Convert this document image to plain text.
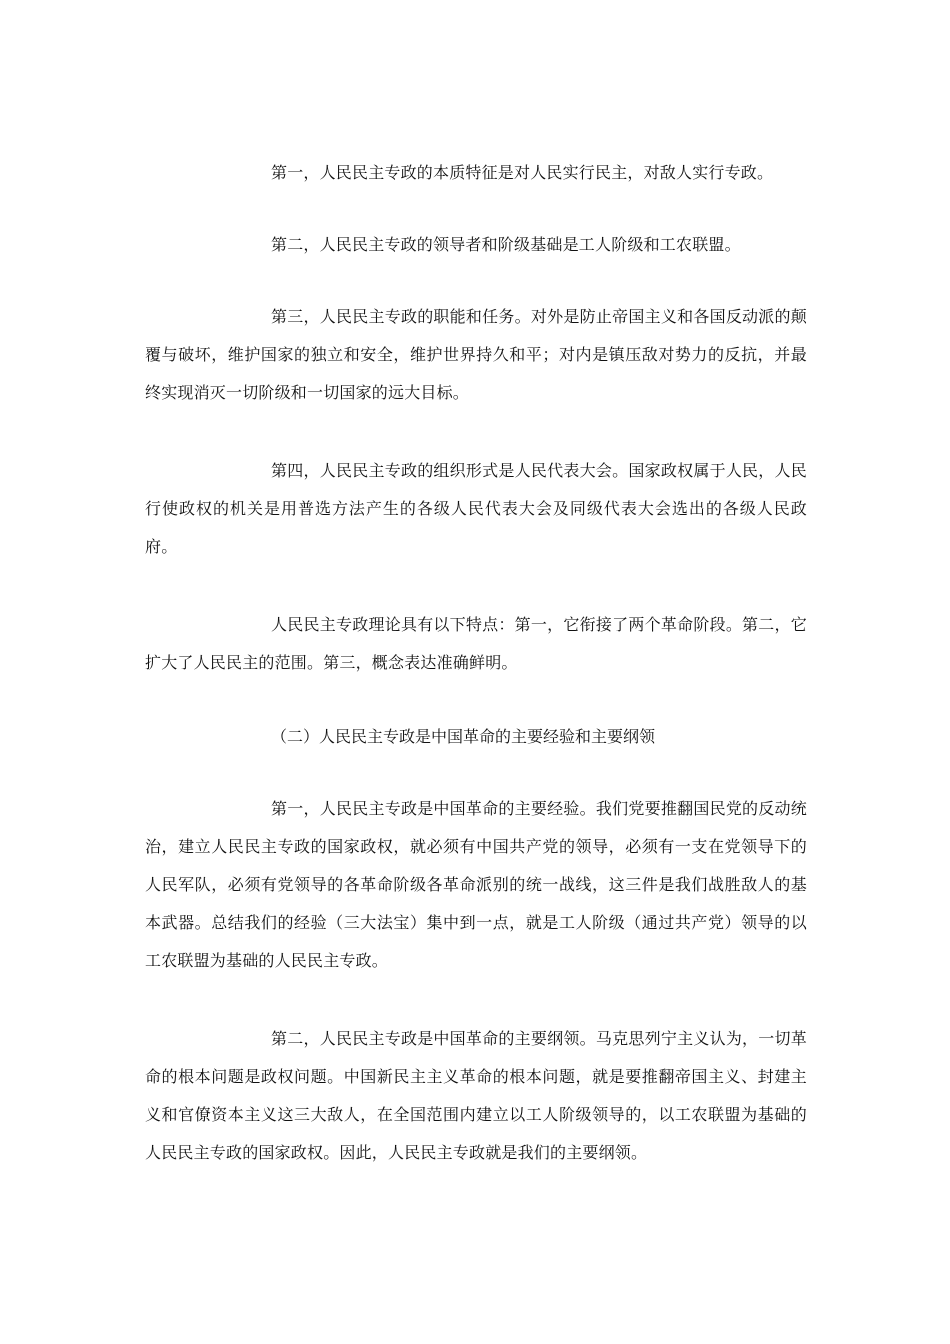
第一，人民民主专政的本质特征是对人民实行民主，对敌人实行专政。

第二，人民民主专政的领导者和阶级基础是工人阶级和工农联盟。

第三，人民民主专政的职能和任务。对外是防止帝国主义和各国反动派的颠覆与破坏，维护国家的独立和安全，维护世界持久和平；对内是镇压敌对势力的反抗，并最终实现消灭一切阶级和一切国家的远大目标。

第四，人民民主专政的组织形式是人民代表大会。国家政权属于人民，人民行使政权的机关是用普选方法产生的各级人民代表大会及同级代表大会选出的各级人民政府。

人民民主专政理论具有以下特点：第一，它衔接了两个革命阶段。第二，它扩大了人民民主的范围。第三，概念表达准确鲜明。

（二）人民民主专政是中国革命的主要经验和主要纲领

第一，人民民主专政是中国革命的主要经验。我们党要推翻国民党的反动统治，建立人民民主专政的国家政权，就必须有中国共产党的领导，必须有一支在党领导下的人民军队，必须有党领导的各革命阶级各革命派别的统一战线，这三件是我们战胜敌人的基本武器。总结我们的经验（三大法宝）集中到一点，就是工人阶级（通过共产党）领导的以工农联盟为基础的人民民主专政。

第二，人民民主专政是中国革命的主要纲领。马克思列宁主义认为，一切革命的根本问题是政权问题。中国新民主主义革命的根本问题，就是要推翻帝国主义、封建主义和官僚资本主义这三大敌人，在全国范围内建立以工人阶级领导的，以工农联盟为基础的人民民主专政的国家政权。因此，人民民主专政就是我们的主要纲领。
